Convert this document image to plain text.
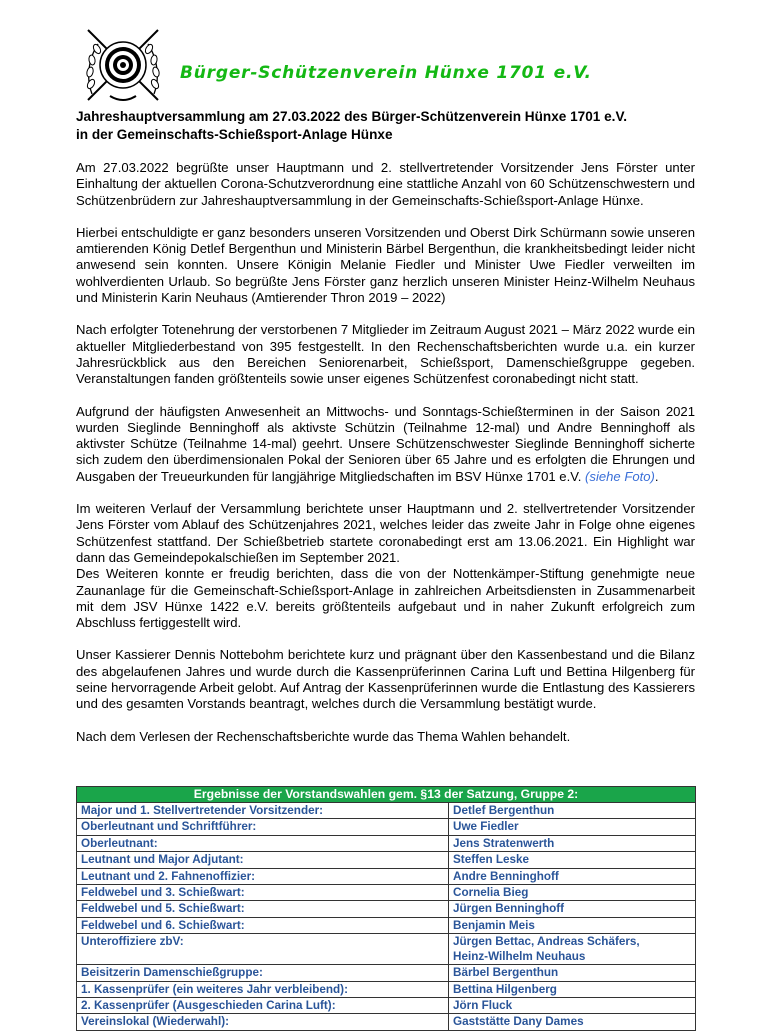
Bürger-Schützenverein Hünxe 1701 e.V.
Jahreshauptversammlung am 27.03.2022 des Bürger-Schützenverein Hünxe 1701 e.V.
in der Gemeinschafts-Schießsport-Anlage Hünxe

Am 27.03.2022 begrüßte unser Hauptmann und 2. stellvertretender Vorsitzender Jens Förster unter Einhaltung der aktuellen Corona-Schutzverordnung eine stattliche Anzahl von 60 Schützenschwestern und Schützenbrüdern zur Jahreshauptversammlung in der Gemeinschafts-Schießsport-Anlage Hünxe.

Hierbei entschuldigte er ganz besonders unseren Vorsitzenden und Oberst Dirk Schürmann sowie unseren amtierenden König Detlef Bergenthun und Ministerin Bärbel Bergenthun, die krankheitsbedingt leider nicht anwesend sein konnten. Unsere Königin Melanie Fiedler und Minister Uwe Fiedler verweilten im wohlverdienten Urlaub. So begrüßte Jens Förster ganz herzlich unseren Minister Heinz-Wilhelm Neuhaus und Ministerin Karin Neuhaus (Amtierender Thron 2019 – 2022)

Nach erfolgter Totenehrung der verstorbenen 7 Mitglieder im Zeitraum August 2021 – März 2022 wurde ein aktueller Mitgliederbestand von 395 festgestellt. In den Rechenschaftsberichten wurde u.a. ein kurzer Jahresrückblick aus den Bereichen Seniorenarbeit, Schießsport, Damenschießgruppe gegeben. Veranstaltungen fanden größtenteils sowie unser eigenes Schützenfest coronabedingt nicht statt.

Aufgrund der häufigsten Anwesenheit an Mittwochs- und Sonntags-Schießterminen in der Saison 2021 wurden Sieglinde Benninghoff als aktivste Schützin (Teilnahme 12-mal) und Andre Benninghoff als aktivster Schütze (Teilnahme 14-mal) geehrt. Unsere Schützenschwester Sieglinde Benninghoff sicherte sich zudem den überdimensionalen Pokal der Senioren über 65 Jahre und es erfolgten die Ehrungen und Ausgaben der Treueurkunden für langjährige Mitgliedschaften im BSV Hünxe 1701 e.V. (siehe Foto).

Im weiteren Verlauf der Versammlung berichtete unser Hauptmann und 2. stellvertretender Vorsitzender Jens Förster vom Ablauf des Schützenjahres 2021, welches leider das zweite Jahr in Folge ohne eigenes Schützenfest stattfand. Der Schießbetrieb startete coronabedingt erst am 13.06.2021. Ein Highlight war dann das Gemeindepokalschießen im September 2021.

Des Weiteren konnte er freudig berichten, dass die von der Nottenkämper-Stiftung genehmigte neue Zaunanlage für die Gemeinschaft-Schießsport-Anlage in zahlreichen Arbeitsdiensten in Zusammenarbeit mit dem JSV Hünxe 1422 e.V. bereits größtenteils aufgebaut und in naher Zukunft erfolgreich zum Abschluss fertiggestellt wird.

Unser Kassierer Dennis Nottebohm berichtete kurz und prägnant über den Kassenbestand und die Bilanz des abgelaufenen Jahres und wurde durch die Kassenprüferinnen Carina Luft und Bettina Hilgenberg für seine hervorragende Arbeit gelobt. Auf Antrag der Kassenprüferinnen wurde die Entlastung des Kassierers und des gesamten Vorstands beantragt, welches durch die Versammlung bestätigt wurde.

Nach dem Verlesen der Rechenschaftsberichte wurde das Thema Wahlen behandelt.

Ergebnisse der Vorstandswahlen gem. §13 der Satzung, Gruppe 2:	
Major und 1. Stellvertretender Vorsitzender:	Detlef Bergenthun
Oberleutnant und Schriftführer:	Uwe Fiedler
Oberleutnant:	Jens Stratenwerth
Leutnant und Major Adjutant:	Steffen Leske
Leutnant und 2. Fahnenoffizier:	Andre Benninghoff
Feldwebel und 3. Schießwart:	Cornelia Bieg
Feldwebel und 5. Schießwart:	Jürgen Benninghoff
Feldwebel und 6. Schießwart:	Benjamin Meis
Unteroffiziere zbV:	Jürgen Bettac, Andreas Schäfers,
Heinz-Wilhelm Neuhaus

Beisitzerin Damenschießgruppe:	Bärbel Bergenthun
1. Kassenprüfer (ein weiteres Jahr verbleibend):	Bettina Hilgenberg
2. Kassenprüfer (Ausgeschieden Carina Luft):	Jörn Fluck
Vereinslokal (Wiederwahl):	Gaststätte Dany Dames
